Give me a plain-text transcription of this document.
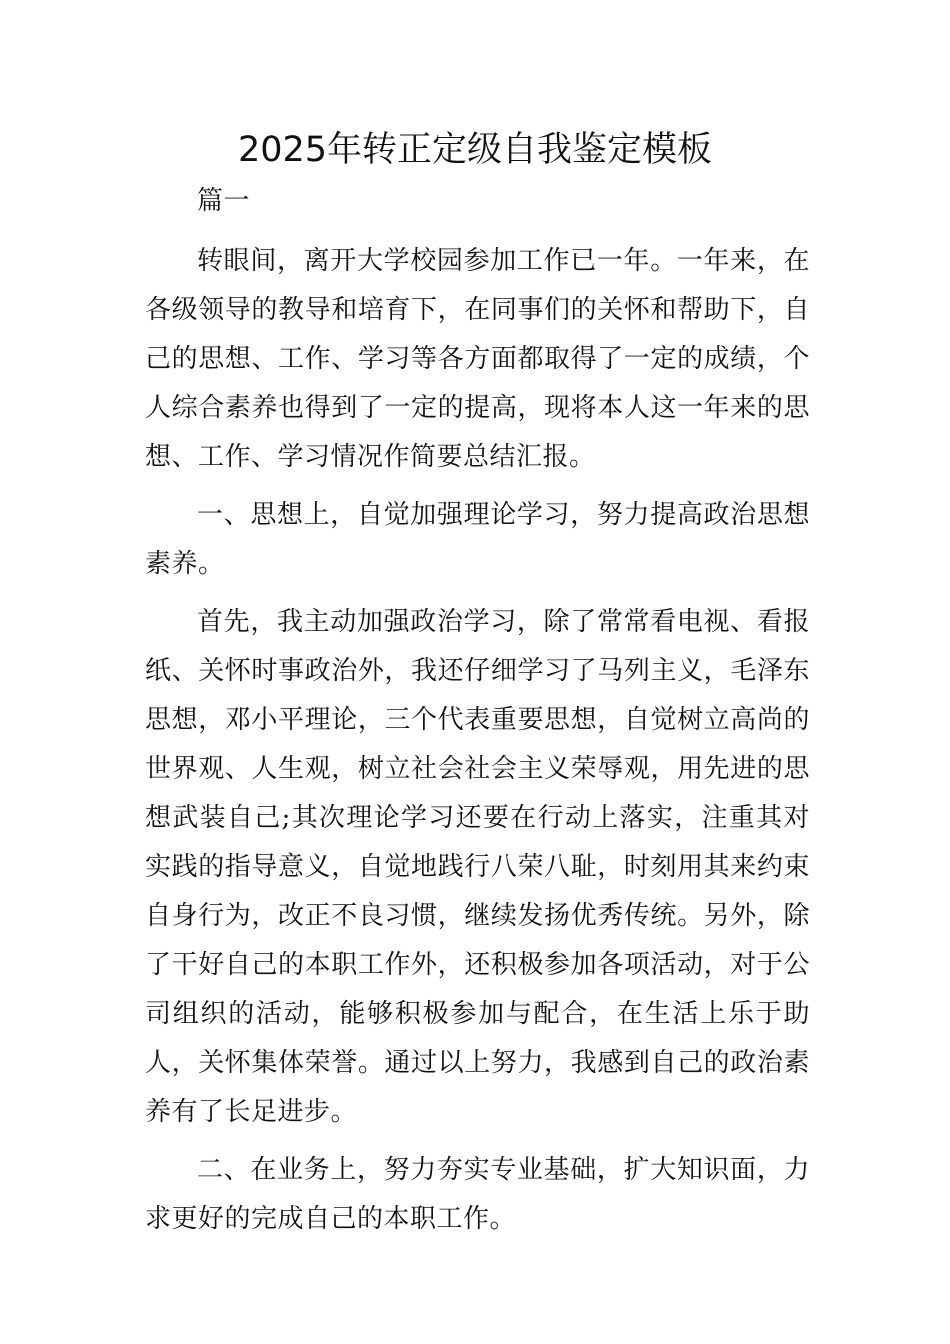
2025年转正定级自我鉴定模板

篇一

转眼间，离开大学校园参加工作已一年。一年来，在各级领导的教导和培育下，在同事们的关怀和帮助下，自己的思想、工作、学习等各方面都取得了一定的成绩，个人综合素养也得到了一定的提高，现将本人这一年来的思想、工作、学习情况作简要总结汇报。

一、思想上，自觉加强理论学习，努力提高政治思想素养。

首先，我主动加强政治学习，除了常常看电视、看报纸、关怀时事政治外，我还仔细学习了马列主义，毛泽东思想，邓小平理论，三个代表重要思想，自觉树立高尚的世界观、人生观，树立社会社会主义荣辱观，用先进的思想武装自己;其次理论学习还要在行动上落实，注重其对实践的指导意义，自觉地践行八荣八耻，时刻用其来约束自身行为，改正不良习惯，继续发扬优秀传统。另外，除了干好自己的本职工作外，还积极参加各项活动，对于公司组织的活动，能够积极参加与配合，在生活上乐于助人，关怀集体荣誉。通过以上努力，我感到自己的政治素养有了长足进步。

二、在业务上，努力夯实专业基础，扩大知识面，力求更好的完成自己的本职工作。
